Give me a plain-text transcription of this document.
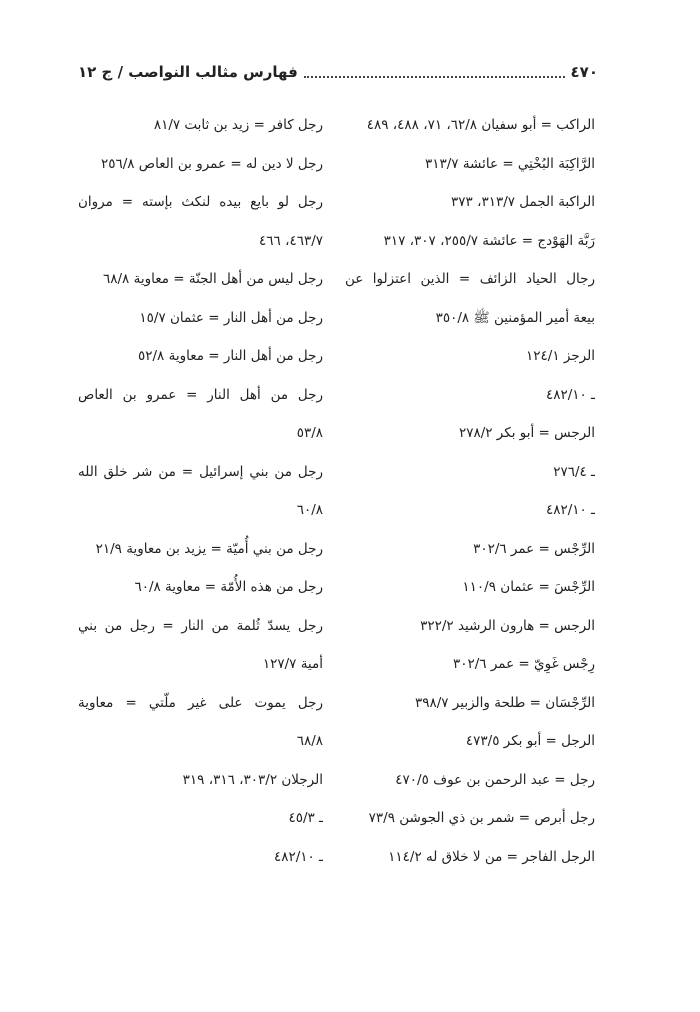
٤٧٠
فهارس مثالب النواصب / ج ١٢
الراكب = أبو سفيان ٦٢/٨، ٧١، ٤٨٨، ٤٨٩
الرَّاكِبَة البُخْتِي = عائشة ٣١٣/٧
الراكبة الجمل ٣١٣/٧، ٣٧٣
رَبَّة الهَوْدج = عائشة ٢٥٥/٧، ٣٠٧، ٣١٧
رجال الحياد الزائف = الذين اعتزلوا عن
بيعة أمير المؤمنين ﷺ ٣٥٠/٨
الرجز ١٢٤/١
ـ ٤٨٢/١٠
الرجس = أبو بكر ٢٧٨/٢
ـ ٢٧٦/٤
ـ ٤٨٢/١٠
الرِّجْس = عمر ٣٠٢/٦
الرِّجْسَ = عثمان ١١٠/٩
الرجس = هارون الرشيد ٣٢٢/٢
رِجْس غَوِيّ = عمر ٣٠٢/٦
الرِّجْسَان = طلحة والزبير ٣٩٨/٧
الرجل = أبو بكر ٤٧٣/٥
رجل = عبد الرحمن بن عوف ٤٧٠/٥
رجل أبرص = شمر بن ذي الجوشن ٧٣/٩
الرجل الفاجر = من لا خلاق له ١١٤/٢
رجل كافر = زيد بن ثابت ٨١/٧
رجل لا دين له = عمرو بن العاص ٢٥٦/٨
رجل لو بايع بيده لنكث بإسته = مروان
٤٦٣/٧، ٤٦٦
رجل ليس من أهل الجنّة = معاوية ٦٨/٨
رجل من أهل النار = عثمان ١٥/٧
رجل من أهل النار = معاوية ٥٢/٨
رجل من أهل النار = عمرو بن العاص
٥٣/٨
رجل من بني إسرائيل = من شر خلق الله
٦٠/٨
رجل من بني أُميّة = يزيد بن معاوية ٢١/٩
رجل من هذه الأُمّة = معاوية ٦٠/٨
رجل يسدّ ثُلمة من النار = رجل من بني
أمية ١٢٧/٧
رجل يموت على غير ملّتي = معاوية
٦٨/٨
الرجلان ٣٠٣/٢، ٣١٦، ٣١٩
ـ ٤٥/٣
ـ ٤٨٢/١٠
